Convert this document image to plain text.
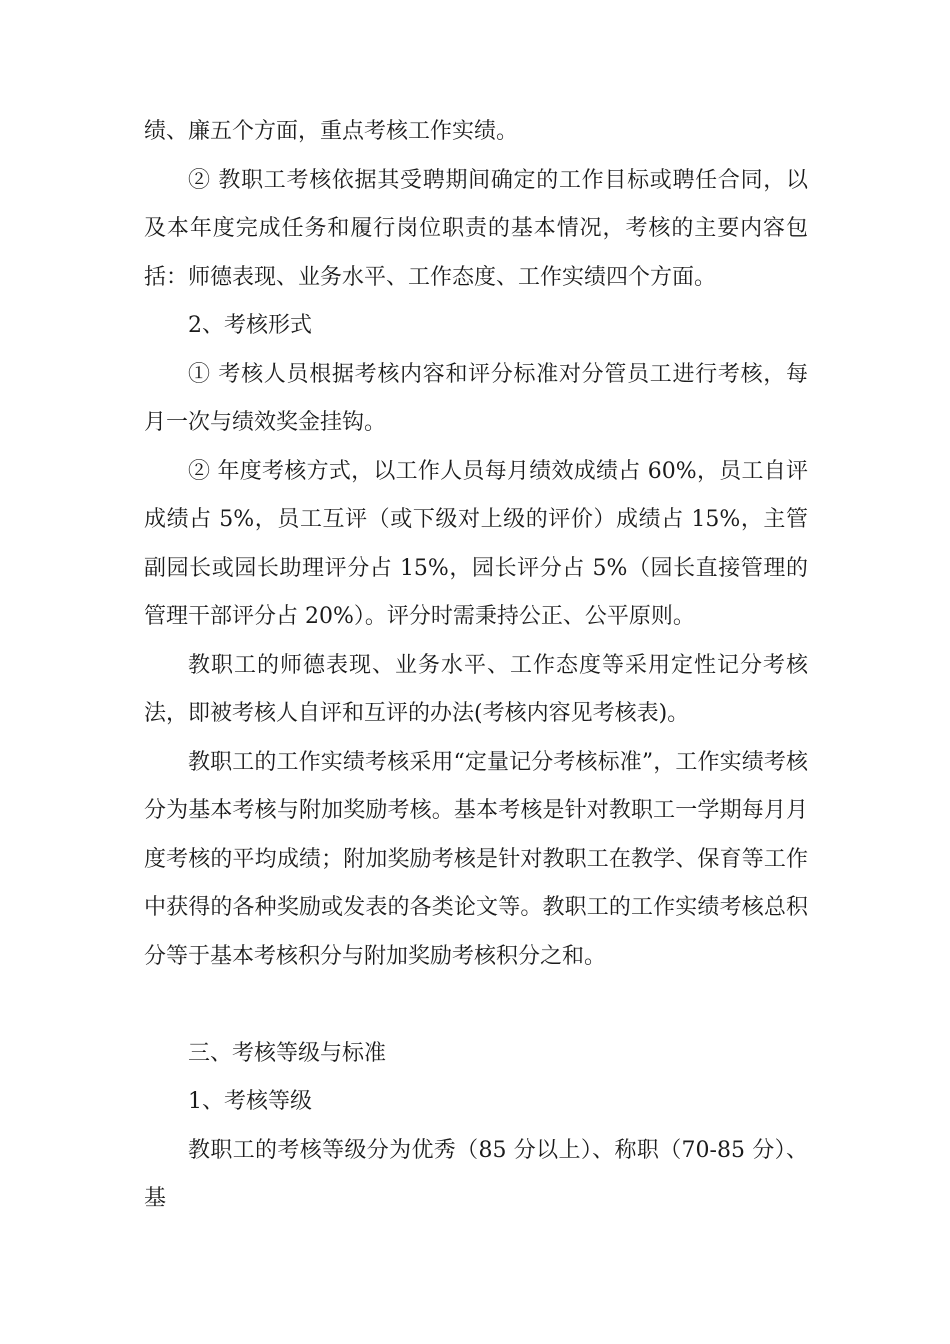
绩、廉五个方面，重点考核工作实绩。

② 教职工考核依据其受聘期间确定的工作目标或聘任合同，以及本年度完成任务和履行岗位职责的基本情况，考核的主要内容包括：师德表现、业务水平、工作态度、工作实绩四个方面。

2、考核形式

① 考核人员根据考核内容和评分标准对分管员工进行考核，每月一次与绩效奖金挂钩。

② 年度考核方式，以工作人员每月绩效成绩占 60%，员工自评成绩占 5%，员工互评（或下级对上级的评价）成绩占 15%，主管副园长或园长助理评分占 15%，园长评分占 5%（园长直接管理的管理干部评分占 20%）。评分时需秉持公正、公平原则。

教职工的师德表现、业务水平、工作态度等采用定性记分考核法，即被考核人自评和互评的办法(考核内容见考核表)。

教职工的工作实绩考核采用“定量记分考核标准”，工作实绩考核分为基本考核与附加奖励考核。基本考核是针对教职工一学期每月月度考核的平均成绩；附加奖励考核是针对教职工在教学、保育等工作中获得的各种奖励或发表的各类论文等。教职工的工作实绩考核总积分等于基本考核积分与附加奖励考核积分之和。

三、考核等级与标准

1、考核等级

教职工的考核等级分为优秀（85 分以上）、称职（70-85 分）、基
